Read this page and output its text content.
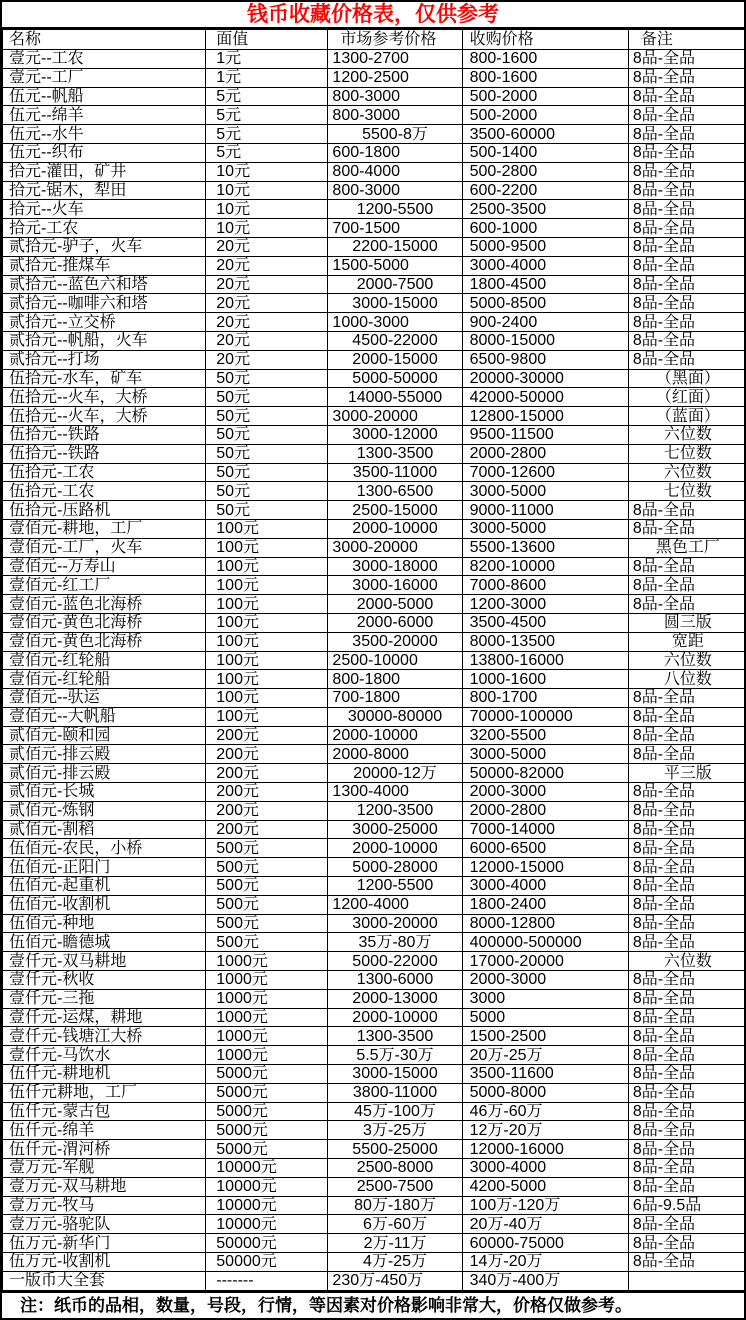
钱币收藏价格表，仅供参考
名称	面值	市场参考价格	收购价格	备注
壹元--工农	1元	1300-2700	800-1600	8品-全品
壹元--工厂	1元	1200-2500	800-1600	8品-全品
伍元--帆船	5元	800-3000	500-2000	8品-全品
伍元--绵羊	5元	800-3000	500-2000	8品-全品
伍元--水牛	5元	5500-8万	3500-60000	8品-全品
伍元--织布	5元	600-1800	500-1400	8品-全品
拾元-灌田，矿井	10元	800-4000	500-2800	8品-全品
拾元-锯木，犁田	10元	800-3000	600-2200	8品-全品
拾元--火车	10元	1200-5500	2500-3500	8品-全品
拾元-工农	10元	700-1500	600-1000	8品-全品
贰拾元-驴子，火车	20元	2200-15000	5000-9500	8品-全品
贰拾元-推煤车	20元	1500-5000	3000-4000	8品-全品
贰拾元--蓝色六和塔	20元	2000-7500	1800-4500	8品-全品
贰拾元--咖啡六和塔	20元	3000-15000	5000-8500	8品-全品
贰拾元--立交桥	20元	1000-3000	900-2400	8品-全品
贰拾元--帆船，火车	20元	4500-22000	8000-15000	8品-全品
贰拾元--打场	20元	2000-15000	6500-9800	8品-全品
伍拾元-水车，矿车	50元	5000-50000	20000-30000	（黑面）
伍拾元--火车，大桥	50元	14000-55000	42000-50000	（红面）
伍拾元--火车，大桥	50元	3000-20000	12800-15000	（蓝面）
伍拾元--铁路	50元	3000-12000	9500-11500	六位数
伍拾元--铁路	50元	1300-3500	2000-2800	七位数
伍拾元-工农	50元	3500-11000	7000-12600	六位数
伍拾元-工农	50元	1300-6500	3000-5000	七位数
伍拾元-压路机	50元	2500-15000	9000-11000	8品-全品
壹佰元-耕地，工厂	100元	2000-10000	3000-5000	8品-全品
壹佰元-工厂，火车	100元	3000-20000	5500-13600	黑色工厂
壹佰元--万寿山	100元	3000-18000	8200-10000	8品-全品
壹佰元-红工厂	100元	3000-16000	7000-8600	8品-全品
壹佰元-蓝色北海桥	100元	2000-5000	1200-3000	8品-全品
壹佰元-黄色北海桥	100元	2000-6000	3500-4500	圆三版
壹佰元-黄色北海桥	100元	3500-20000	8000-13500	宽距
壹佰元-红轮船	100元	2500-10000	13800-16000	六位数
壹佰元-红轮船	100元	800-1800	1000-1600	八位数
壹佰元--驮运	100元	700-1800	800-1700	8品-全品
壹佰元--大帆船	100元	30000-80000	70000-100000	8品-全品
贰佰元-颐和园	200元	2000-10000	3200-5500	8品-全品
贰佰元-排云殿	200元	2000-8000	3000-5000	8品-全品
贰佰元-排云殿	200元	20000-12万	50000-82000	平三版
贰佰元-长城	200元	1300-4000	2000-3000	8品-全品
贰佰元-炼钢	200元	1200-3500	2000-2800	8品-全品
贰佰元-割稻	200元	3000-25000	7000-14000	8品-全品
伍佰元-农民，小桥	500元	2000-10000	6000-6500	8品-全品
伍佰元-正阳门	500元	5000-28000	12000-15000	8品-全品
伍佰元-起重机	500元	1200-5500	3000-4000	8品-全品
伍佰元-收割机	500元	1200-4000	1800-2400	8品-全品
伍佰元-种地	500元	3000-20000	8000-12800	8品-全品
伍佰元-瞻德城	500元	35万-80万	400000-500000	8品-全品
壹仟元-双马耕地	1000元	5000-22000	17000-20000	六位数
壹仟元-秋收	1000元	1300-6000	2000-3000	8品-全品
壹仟元-三拖	1000元	2000-13000	3000	8品-全品
壹仟元-运煤，耕地	1000元	2000-10000	5000	8品-全品
壹仟元-钱塘江大桥	1000元	1300-3500	1500-2500	8品-全品
壹仟元-马饮水	1000元	5.5万-30万	20万-25万	8品-全品
伍仟元-耕地机	5000元	3000-15000	3500-11600	8品-全品
伍仟元耕地，工厂	5000元	3800-11000	5000-8000	8品-全品
伍仟元-蒙古包	5000元	45万-100万	46万-60万	8品-全品
伍仟元-绵羊	5000元	3万-25万	12万-20万	8品-全品
伍仟元-渭河桥	5000元	5500-25000	12000-16000	8品-全品
壹万元-军舰	10000元	2500-8000	3000-4000	8品-全品
壹万元-双马耕地	10000元	2500-7500	4200-5000	8品-全品
壹万元-牧马	10000元	80万-180万	100万-120万	6品-9.5品
壹万元-骆驼队	10000元	6万-60万	20万-40万	8品-全品
伍万元-新华门	50000元	2万-11万	60000-75000	8品-全品
伍万元-收割机	50000元	4万-25万	14万-20万	8品-全品
一版币大全套	-------	230万-450万	340万-400万	
注：纸币的品相，数量，号段，行情，等因素对价格影响非常大，价格仅做参考。
